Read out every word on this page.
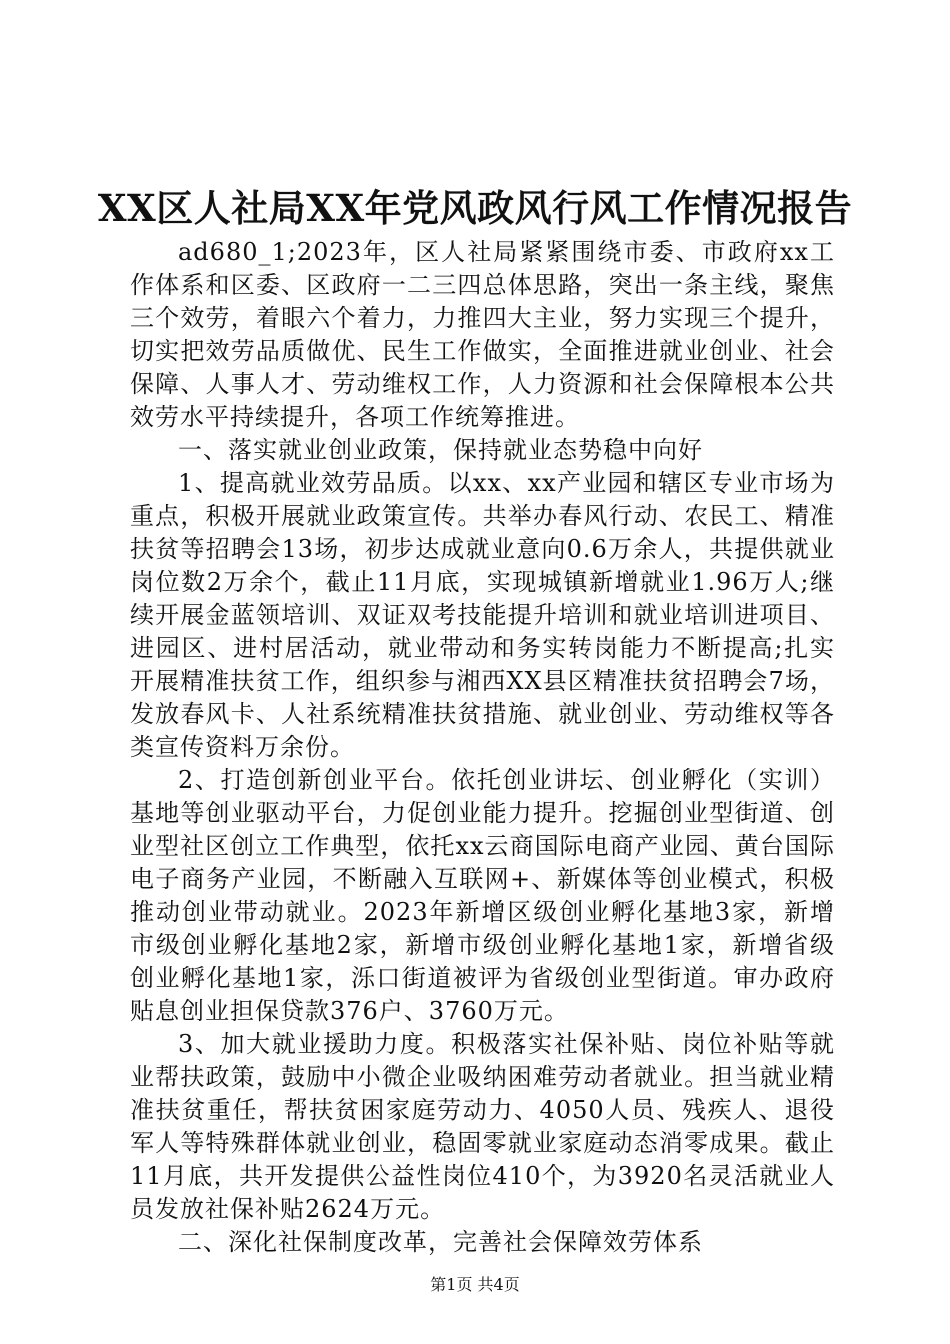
XX区人社局XX年党风政风行风工作情况报告

ad680_1;2023年，区人社局紧紧围绕市委、市政府xx工作体系和区委、区政府一二三四总体思路，突出一条主线，聚焦三个效劳，着眼六个着力，力推四大主业，努力实现三个提升，切实把效劳品质做优、民生工作做实，全面推进就业创业、社会保障、人事人才、劳动维权工作，人力资源和社会保障根本公共效劳水平持续提升，各项工作统筹推进。

一、落实就业创业政策，保持就业态势稳中向好

1、提高就业效劳品质。以xx、xx产业园和辖区专业市场为重点，积极开展就业政策宣传。共举办春风行动、农民工、精准扶贫等招聘会13场，初步达成就业意向0.6万余人，共提供就业岗位数2万余个，截止11月底，实现城镇新增就业1.96万人;继续开展金蓝领培训、双证双考技能提升培训和就业培训进项目、进园区、进村居活动，就业带动和务实转岗能力不断提高;扎实开展精准扶贫工作，组织参与湘西XX县区精准扶贫招聘会7场，发放春风卡、人社系统精准扶贫措施、就业创业、劳动维权等各类宣传资料万余份。

2、打造创新创业平台。依托创业讲坛、创业孵化（实训）基地等创业驱动平台，力促创业能力提升。挖掘创业型街道、创业型社区创立工作典型，依托xx云商国际电商产业园、黄台国际电子商务产业园，不断融入互联网+、新媒体等创业模式，积极推动创业带动就业。2023年新增区级创业孵化基地3家，新增市级创业孵化基地2家，新增市级创业孵化基地1家，新增省级创业孵化基地1家，泺口街道被评为省级创业型街道。审办政府贴息创业担保贷款376户、3760万元。

3、加大就业援助力度。积极落实社保补贴、岗位补贴等就业帮扶政策，鼓励中小微企业吸纳困难劳动者就业。担当就业精准扶贫重任，帮扶贫困家庭劳动力、4050人员、残疾人、退役军人等特殊群体就业创业，稳固零就业家庭动态消零成果。截止11月底，共开发提供公益性岗位410个，为3920名灵活就业人员发放社保补贴2624万元。

二、深化社保制度改革，完善社会保障效劳体系

第1页 共4页
